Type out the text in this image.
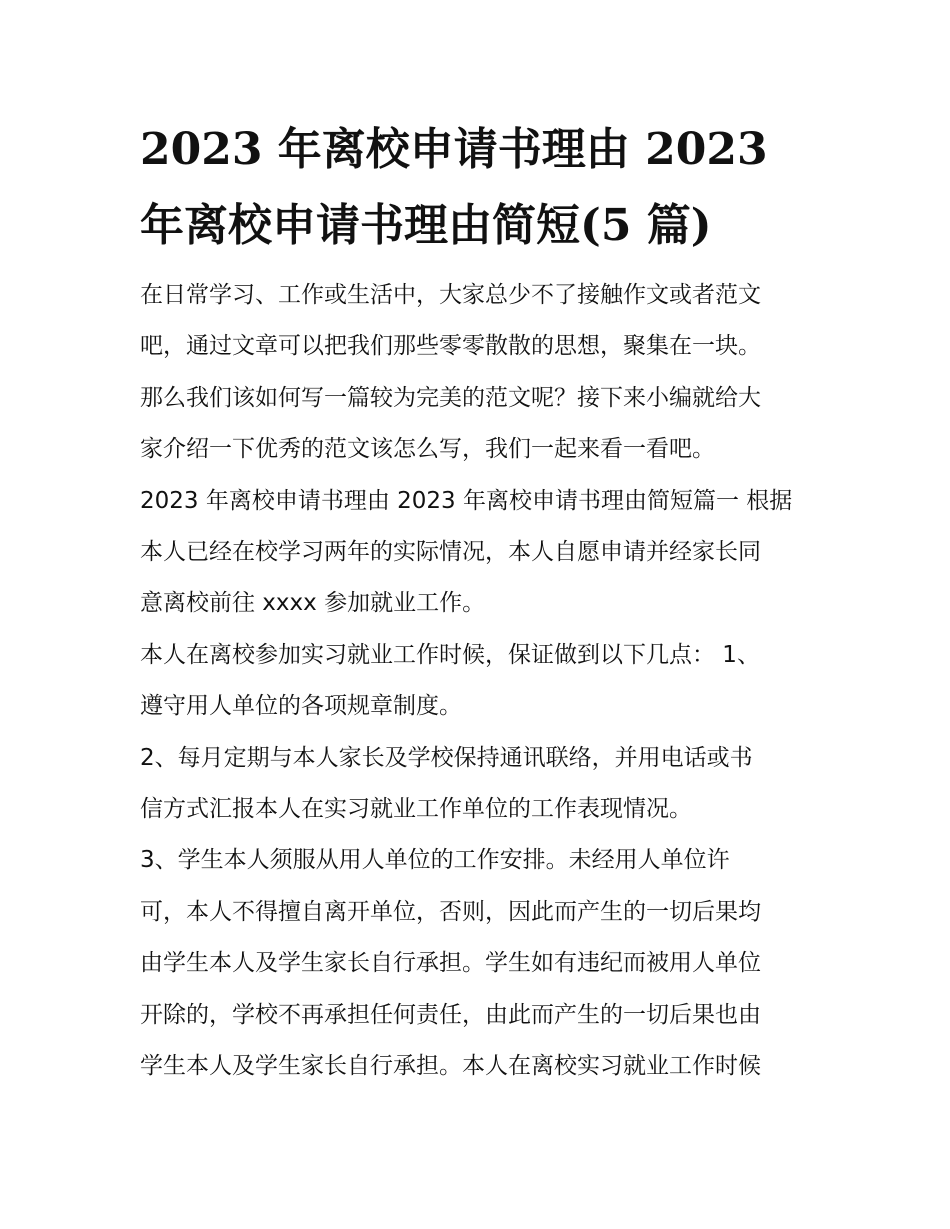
2023 年离校申请书理由 2023
年离校申请书理由简短(5 篇)

在日常学习、工作或生活中，大家总少不了接触作文或者范文
吧，通过文章可以把我们那些零零散散的思想，聚集在一块。
那么我们该如何写一篇较为完美的范文呢？接下来小编就给大
家介绍一下优秀的范文该怎么写，我们一起来看一看吧。

2023 年离校申请书理由 2023 年离校申请书理由简短篇一 根据
本人已经在校学习两年的实际情况，本人自愿申请并经家长同
意离校前往 xxxx 参加就业工作。

本人在离校参加实习就业工作时候，保证做到以下几点： 1、
遵守用人单位的各项规章制度。

2、每月定期与本人家长及学校保持通讯联络，并用电话或书
信方式汇报本人在实习就业工作单位的工作表现情况。

3、学生本人须服从用人单位的工作安排。未经用人单位许
可，本人不得擅自离开单位，否则，因此而产生的一切后果均
由学生本人及学生家长自行承担。学生如有违纪而被用人单位
开除的，学校不再承担任何责任，由此而产生的一切后果也由
学生本人及学生家长自行承担。本人在离校实习就业工作时候
